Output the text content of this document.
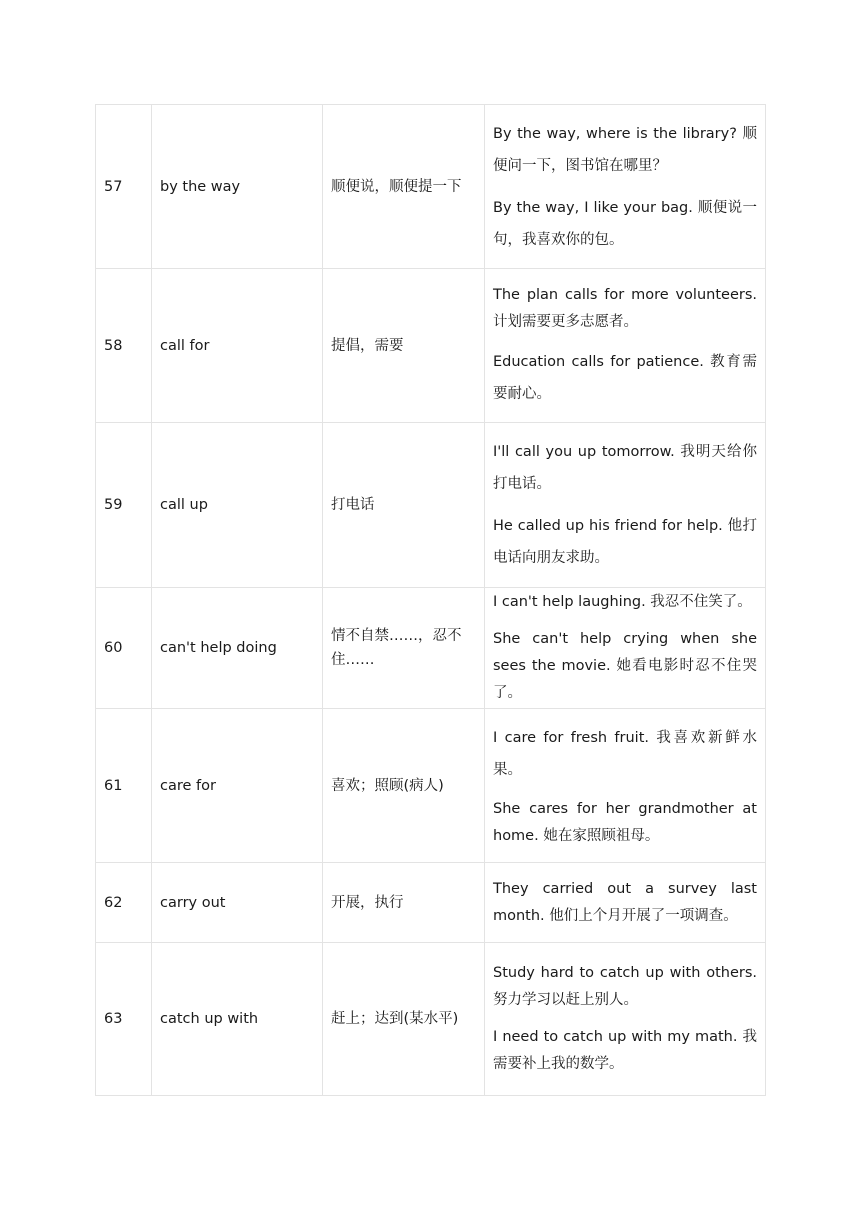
57	by the way	顺便说，顺便提一下	By the way, where is the library? 顺便问一下，图书馆在哪里？

By the way, I like your bag. 顺便说一句，我喜欢你的包。

58	call for	提倡，需要	The plan calls for more volunteers. 计划需要更多志愿者。

Education calls for patience. 教育需要耐心。

59	call up	打电话	I'll call you up tomorrow. 我明天给你打电话。

He called up his friend for help. 他打电话向朋友求助。

60	can't help doing	情不自禁……，忍不住……	I can't help laughing. 我忍不住笑了。

She can't help crying when she sees the movie. 她看电影时忍不住哭了。

61	care for	喜欢；照顾(病人)	I care for fresh fruit. 我喜欢新鲜水果。

She cares for her grandmother at home. 她在家照顾祖母。

62	carry out	开展，执行	They carried out a survey last month. 他们上个月开展了一项调查。

63	catch up with	赶上；达到(某水平)	Study hard to catch up with others. 努力学习以赶上别人。

I need to catch up with my math. 我需要补上我的数学。
